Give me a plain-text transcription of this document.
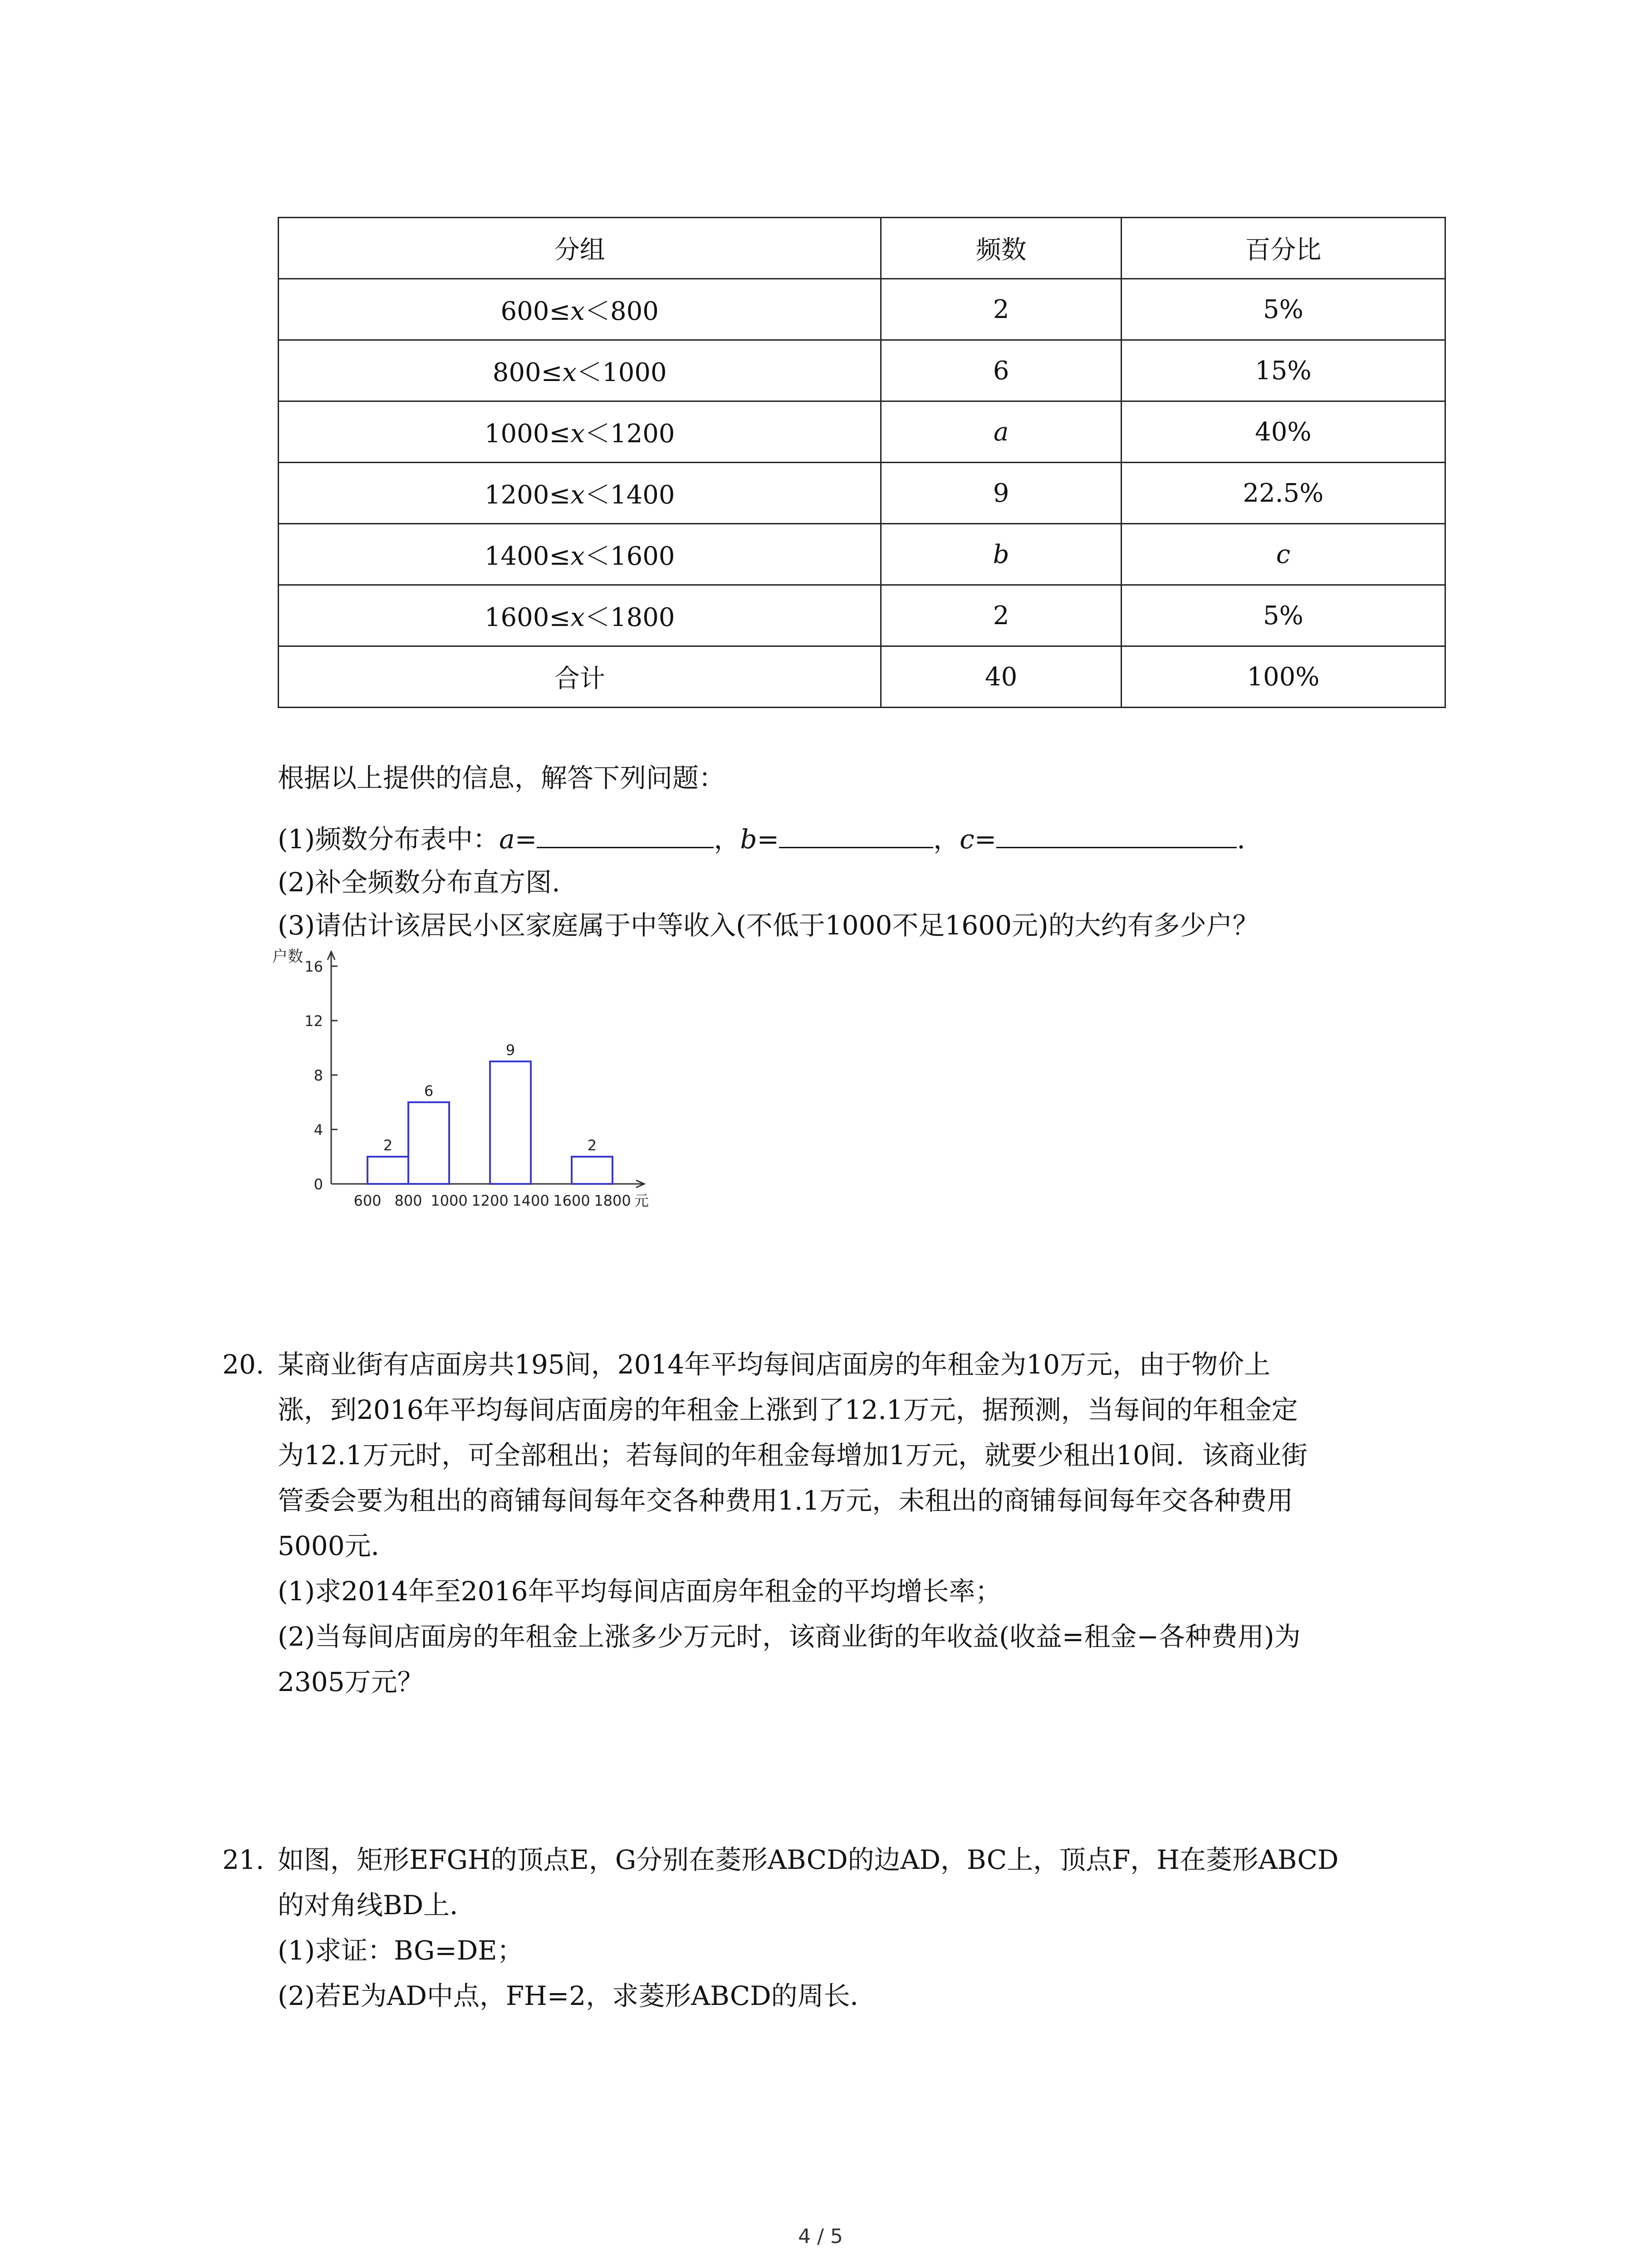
分组	频数	百分比
600≤x＜800	2	5%
800≤x＜1000	6	15%
1000≤x＜1200	a	40%
1200≤x＜1400	9	22.5%
1400≤x＜1600	b	c
1600≤x＜1800	2	5%
合计	40	100%
根据以上提供的信息，解答下列问题：
(1)频数分布表中：a=	，b=	，c=	.
(2)补全频数分布直方图.
(3)请估计该居民小区家庭属于中等收入(不低于1000不足1600元)的大约有多少户？
户数
0
4
8
12
16
600 800 1000 1200 1400 1600 1800 元
2
6
9
2
20. 某商业街有店面房共195间，2014年平均每间店面房的年租金为10万元，由于物价上
涨，到2016年平均每间店面房的年租金上涨到了12.1万元，据预测，当每间的年租金定
为12.1万元时，可全部租出；若每间的年租金每增加1万元，就要少租出10间．该商业街
管委会要为租出的商铺每间每年交各种费用1.1万元，未租出的商铺每间每年交各种费用
5000元．
(1)求2014年至2016年平均每间店面房年租金的平均增长率；
(2)当每间店面房的年租金上涨多少万元时，该商业街的年收益(收益=租金−各种费用)为
2305万元？
21. 如图，矩形EFGH的顶点E，G分别在菱形ABCD的边AD，BC上，顶点F，H在菱形ABCD
的对角线BD上．
(1)求证：BG=DE；
(2)若E为AD中点，FH=2，求菱形ABCD的周长．
4 / 5
